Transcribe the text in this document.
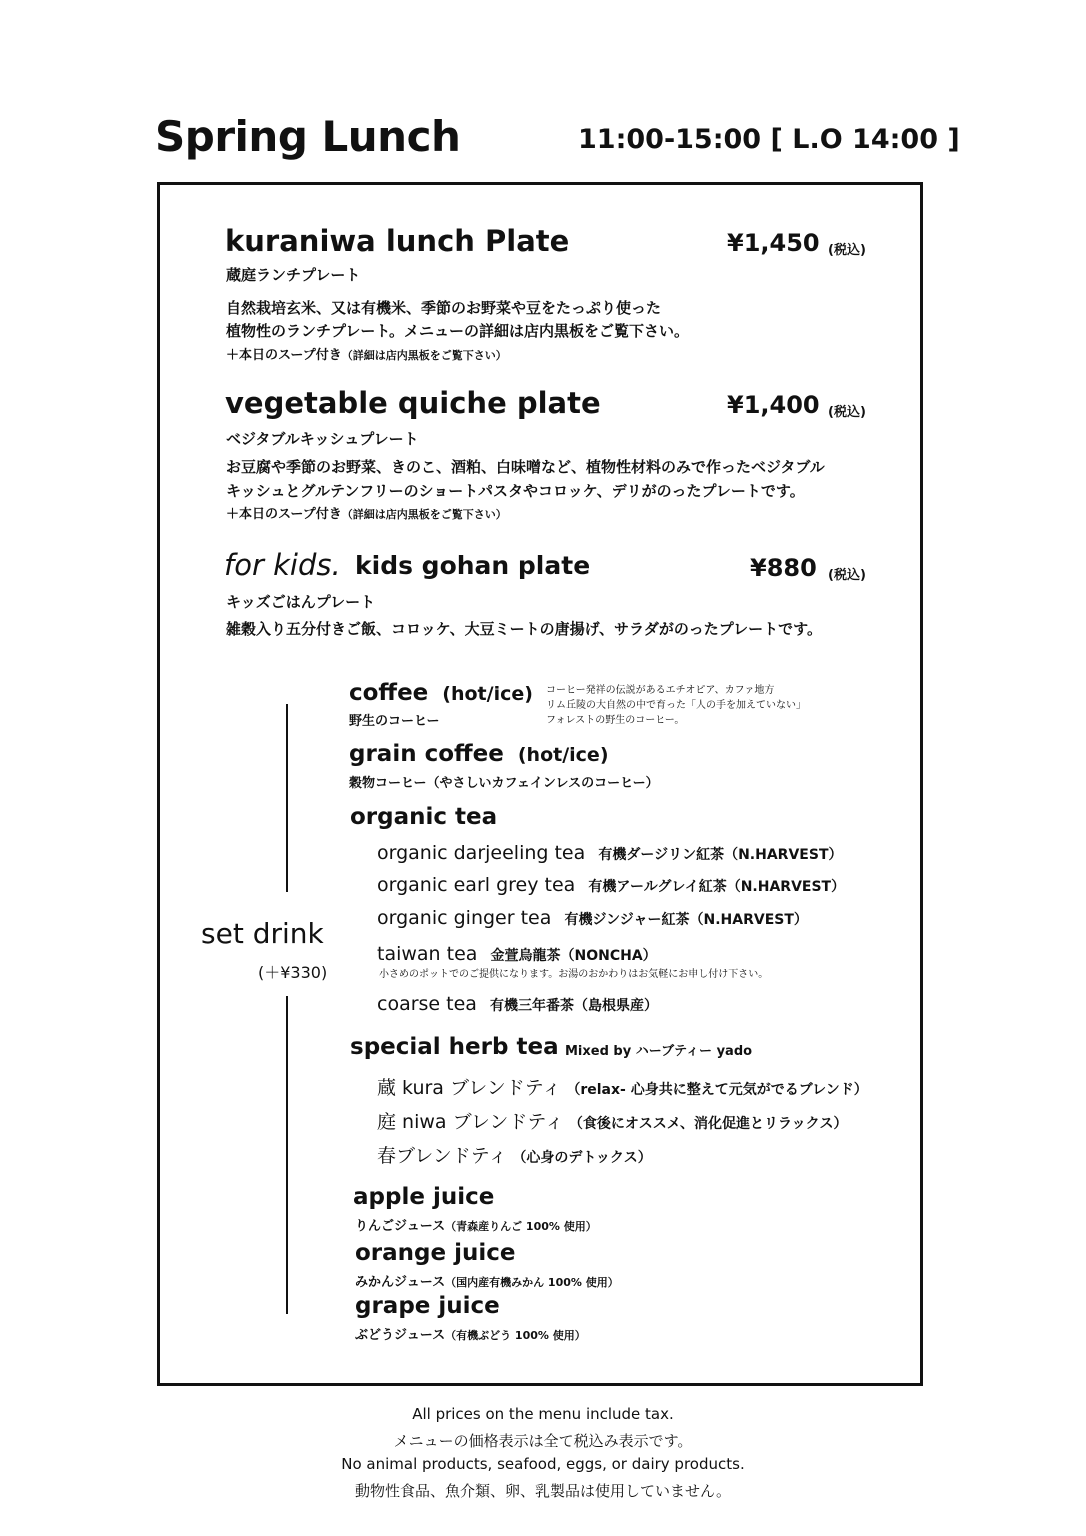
Spring Lunch	11:00-15:00 [ L.O 14:00 ]
kuraniwa lunch Plate	¥1,450 (税込)
蔵庭ランチプレート
自然栽培玄米、又は有機米、季節のお野菜や豆をたっぷり使った
植物性のランチプレート。メニューの詳細は店内黒板をご覧下さい。
＋本日のスープ付き（詳細は店内黒板をご覧下さい）
vegetable quiche plate	¥1,400 (税込)
ベジタブルキッシュプレート
お豆腐や季節のお野菜、きのこ、酒粕、白味噌など、植物性材料のみで作ったベジタブル
キッシュとグルテンフリーのショートパスタやコロッケ、デリがのったプレートです。
＋本日のスープ付き（詳細は店内黒板をご覧下さい）
for kids. kids gohan plate	¥880 (税込)
キッズごはんプレート
雑穀入り五分付きご飯、コロッケ、大豆ミートの唐揚げ、サラダがのったプレートです。
set drink
(＋¥330)
coffee (hot/ice)
野生のコーヒー
コーヒー発祥の伝説があるエチオピア、カファ地方
リム丘陵の大自然の中で育った「人の手を加えていない」
フォレストの野生のコーヒー。
grain coffee (hot/ice)
穀物コーヒー（やさしいカフェインレスのコーヒー）
organic tea
organic darjeeling tea 有機ダージリン紅茶（N.HARVEST）
organic earl grey tea 有機アールグレイ紅茶（N.HARVEST）
organic ginger tea 有機ジンジャー紅茶（N.HARVEST）
taiwan tea 金萱烏龍茶（NONCHA）
小さめのポットでのご提供になります。お湯のおかわりはお気軽にお申し付け下さい。
coarse tea 有機三年番茶（島根県産）
special herb tea Mixed by ハーブティー yado
蔵 kura ブレンドティ （relax- 心身共に整えて元気がでるブレンド）
庭 niwa ブレンドティ （食後にオススメ、消化促進とリラックス）
春ブレンドティ （心身のデトックス）
apple juice
りんごジュース（青森産りんご 100% 使用）
orange juice
みかんジュース（国内産有機みかん 100% 使用）
grape juice
ぶどうジュース（有機ぶどう 100% 使用）
All prices on the menu include tax.
メニューの価格表示は全て税込み表示です。
No animal products, seafood, eggs, or dairy products.
動物性食品、魚介類、卵、乳製品は使用していません。
